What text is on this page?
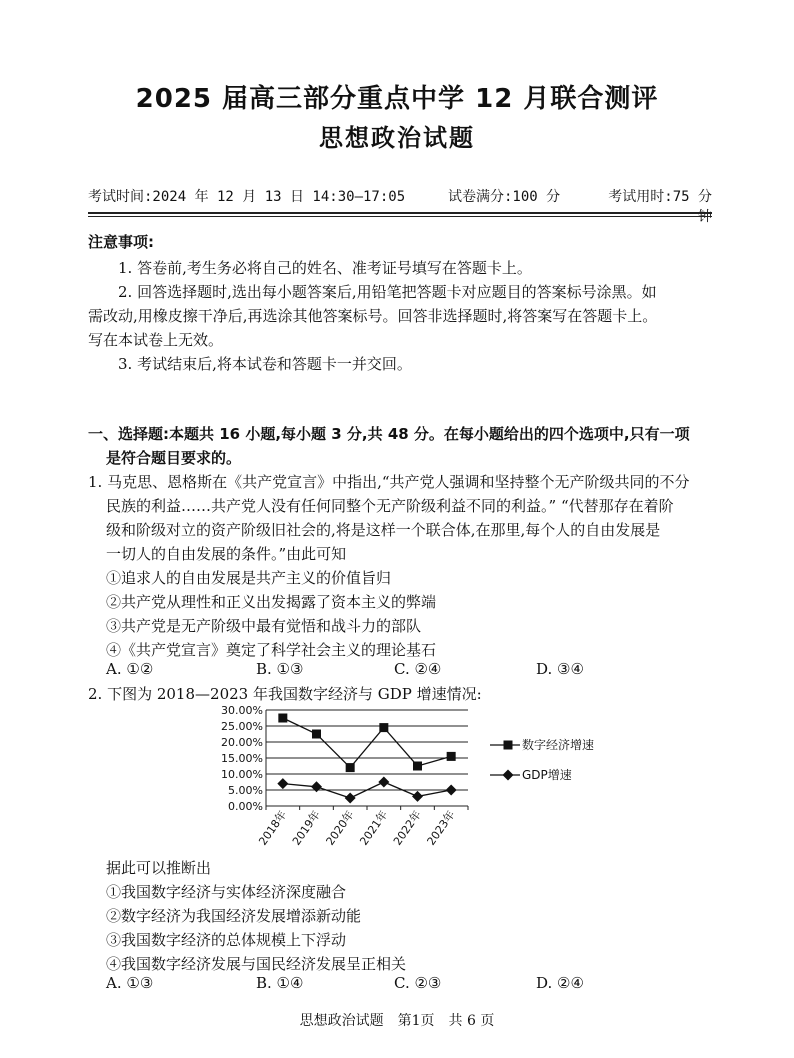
2025 届高三部分重点中学 12 月联合测评
思想政治试题
考试时间:2024 年 12 月 13 日 14:30—17:05	试卷满分:100 分	考试用时:75 分钟
注意事项:
1. 答卷前,考生务必将自己的姓名、准考证号填写在答题卡上。
2. 回答选择题时,选出每小题答案后,用铅笔把答题卡对应题目的答案标号涂黑。如
需改动,用橡皮擦干净后,再选涂其他答案标号。回答非选择题时,将答案写在答题卡上。
写在本试卷上无效。
3. 考试结束后,将本试卷和答题卡一并交回。
一、选择题:本题共 16 小题,每小题 3 分,共 48 分。在每小题给出的四个选项中,只有一项
是符合题目要求的。
1. 马克思、恩格斯在《共产党宣言》中指出,“共产党人强调和坚持整个无产阶级共同的不分
民族的利益……共产党人没有任何同整个无产阶级利益不同的利益。” “代替那存在着阶
级和阶级对立的资产阶级旧社会的,将是这样一个联合体,在那里,每个人的自由发展是
一切人的自由发展的条件。”由此可知
①追求人的自由发展是共产主义的价值旨归
②共产党从理性和正义出发揭露了资本主义的弊端
③共产党是无产阶级中最有觉悟和战斗力的部队
④《共产党宣言》奠定了科学社会主义的理论基石
A. ①②	B. ①③	C. ②④	D. ③④
2. 下图为 2018—2023 年我国数字经济与 GDP 增速情况:
30.00%
25.00%
20.00%
15.00%
10.00%
5.00%
0.00%
2018年 2019年 2020年 2021年 2022年 2023年
数字经济增速
GDP增速
据此可以推断出
①我国数字经济与实体经济深度融合
②数字经济为我国经济发展增添新动能
③我国数字经济的总体规模上下浮动
④我国数字经济发展与国民经济发展呈正相关
A. ①③	B. ①④	C. ②③	D. ②④
思想政治试题　第1页　共 6 页
